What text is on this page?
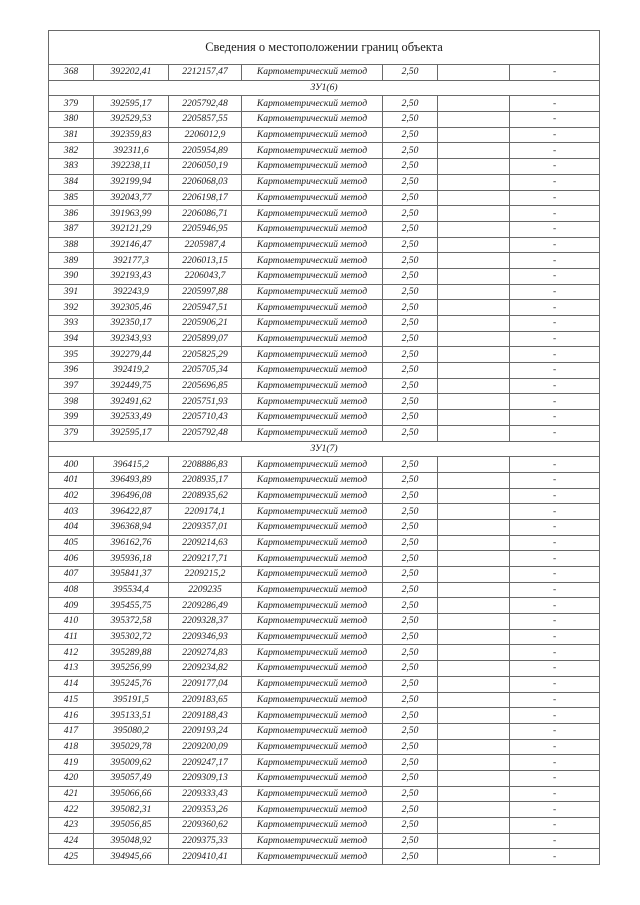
Сведения о местоположении границ объекта						
368	392202,41	2212157,47	Картометрический метод	2,50		-
ЗУ1(6)						
379	392595,17	2205792,48	Картометрический метод	2,50		-
380	392529,53	2205857,55	Картометрический метод	2,50		-
381	392359,83	2206012,9	Картометрический метод	2,50		-
382	392311,6	2205954,89	Картометрический метод	2,50		-
383	392238,11	2206050,19	Картометрический метод	2,50		-
384	392199,94	2206068,03	Картометрический метод	2,50		-
385	392043,77	2206198,17	Картометрический метод	2,50		-
386	391963,99	2206086,71	Картометрический метод	2,50		-
387	392121,29	2205946,95	Картометрический метод	2,50		-
388	392146,47	2205987,4	Картометрический метод	2,50		-
389	392177,3	2206013,15	Картометрический метод	2,50		-
390	392193,43	2206043,7	Картометрический метод	2,50		-
391	392243,9	2205997,88	Картометрический метод	2,50		-
392	392305,46	2205947,51	Картометрический метод	2,50		-
393	392350,17	2205906,21	Картометрический метод	2,50		-
394	392343,93	2205899,07	Картометрический метод	2,50		-
395	392279,44	2205825,29	Картометрический метод	2,50		-
396	392419,2	2205705,34	Картометрический метод	2,50		-
397	392449,75	2205696,85	Картометрический метод	2,50		-
398	392491,62	2205751,93	Картометрический метод	2,50		-
399	392533,49	2205710,43	Картометрический метод	2,50		-
379	392595,17	2205792,48	Картометрический метод	2,50		-
ЗУ1(7)						
400	396415,2	2208886,83	Картометрический метод	2,50		-
401	396493,89	2208935,17	Картометрический метод	2,50		-
402	396496,08	2208935,62	Картометрический метод	2,50		-
403	396422,87	2209174,1	Картометрический метод	2,50		-
404	396368,94	2209357,01	Картометрический метод	2,50		-
405	396162,76	2209214,63	Картометрический метод	2,50		-
406	395936,18	2209217,71	Картометрический метод	2,50		-
407	395841,37	2209215,2	Картометрический метод	2,50		-
408	395534,4	2209235	Картометрический метод	2,50		-
409	395455,75	2209286,49	Картометрический метод	2,50		-
410	395372,58	2209328,37	Картометрический метод	2,50		-
411	395302,72	2209346,93	Картометрический метод	2,50		-
412	395289,88	2209274,83	Картометрический метод	2,50		-
413	395256,99	2209234,82	Картометрический метод	2,50		-
414	395245,76	2209177,04	Картометрический метод	2,50		-
415	395191,5	2209183,65	Картометрический метод	2,50		-
416	395133,51	2209188,43	Картометрический метод	2,50		-
417	395080,2	2209193,24	Картометрический метод	2,50		-
418	395029,78	2209200,09	Картометрический метод	2,50		-
419	395009,62	2209247,17	Картометрический метод	2,50		-
420	395057,49	2209309,13	Картометрический метод	2,50		-
421	395066,66	2209333,43	Картометрический метод	2,50		-
422	395082,31	2209353,26	Картометрический метод	2,50		-
423	395056,85	2209360,62	Картометрический метод	2,50		-
424	395048,92	2209375,33	Картометрический метод	2,50		-
425	394945,66	2209410,41	Картометрический метод	2,50		-
